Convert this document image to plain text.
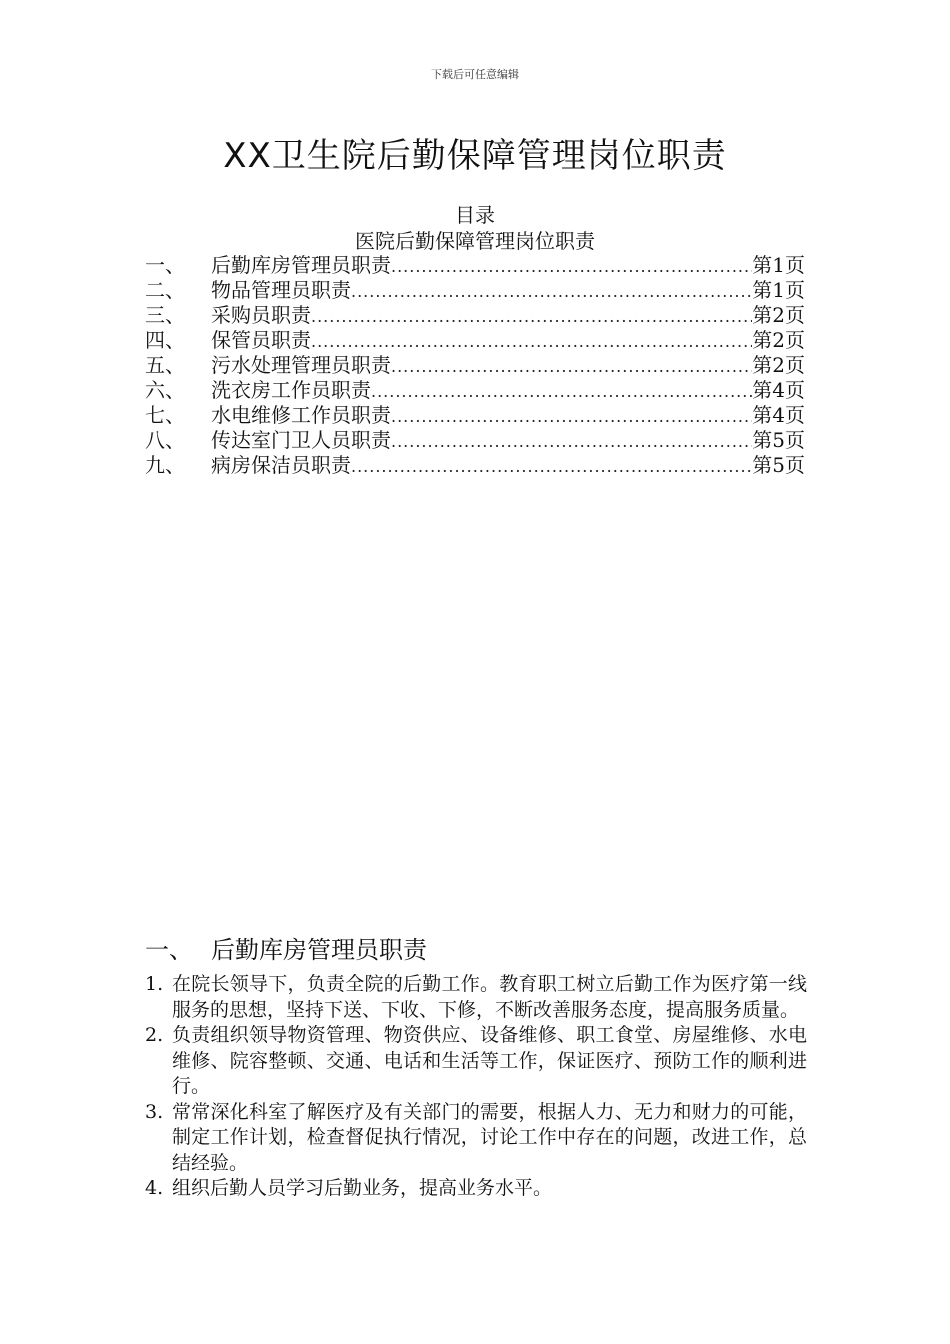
下载后可任意编辑
XX卫生院后勤保障管理岗位职责
目录
医院后勤保障管理岗位职责
一、	后勤库房管理员职责 .....	第1页
二、	物品管理员职责 .....	第1页
三、	采购员职责 .....	第2页
四、	保管员职责 .....	第2页
五、	污水处理管理员职责 .....	第2页
六、	洗衣房工作员职责 .....	第4页
七、	水电维修工作员职责 .....	第4页
八、	传达室门卫人员职责 .....	第5页
九、	病房保洁员职责 .....	第5页
一、 后勤库房管理员职责
1. 在院长领导下，负责全院的后勤工作。教育职工树立后勤工作为医疗第一线服务的思想，坚持下送、下收、下修，不断改善服务态度，提高服务质量。
2. 负责组织领导物资管理、物资供应、设备维修、职工食堂、房屋维修、水电维修、院容整顿、交通、电话和生活等工作，保证医疗、预防工作的顺利进行。
3. 常常深化科室了解医疗及有关部门的需要，根据人力、无力和财力的可能，制定工作计划，检查督促执行情况，讨论工作中存在的问题，改进工作，总结经验。
4. 组织后勤人员学习后勤业务，提高业务水平。
